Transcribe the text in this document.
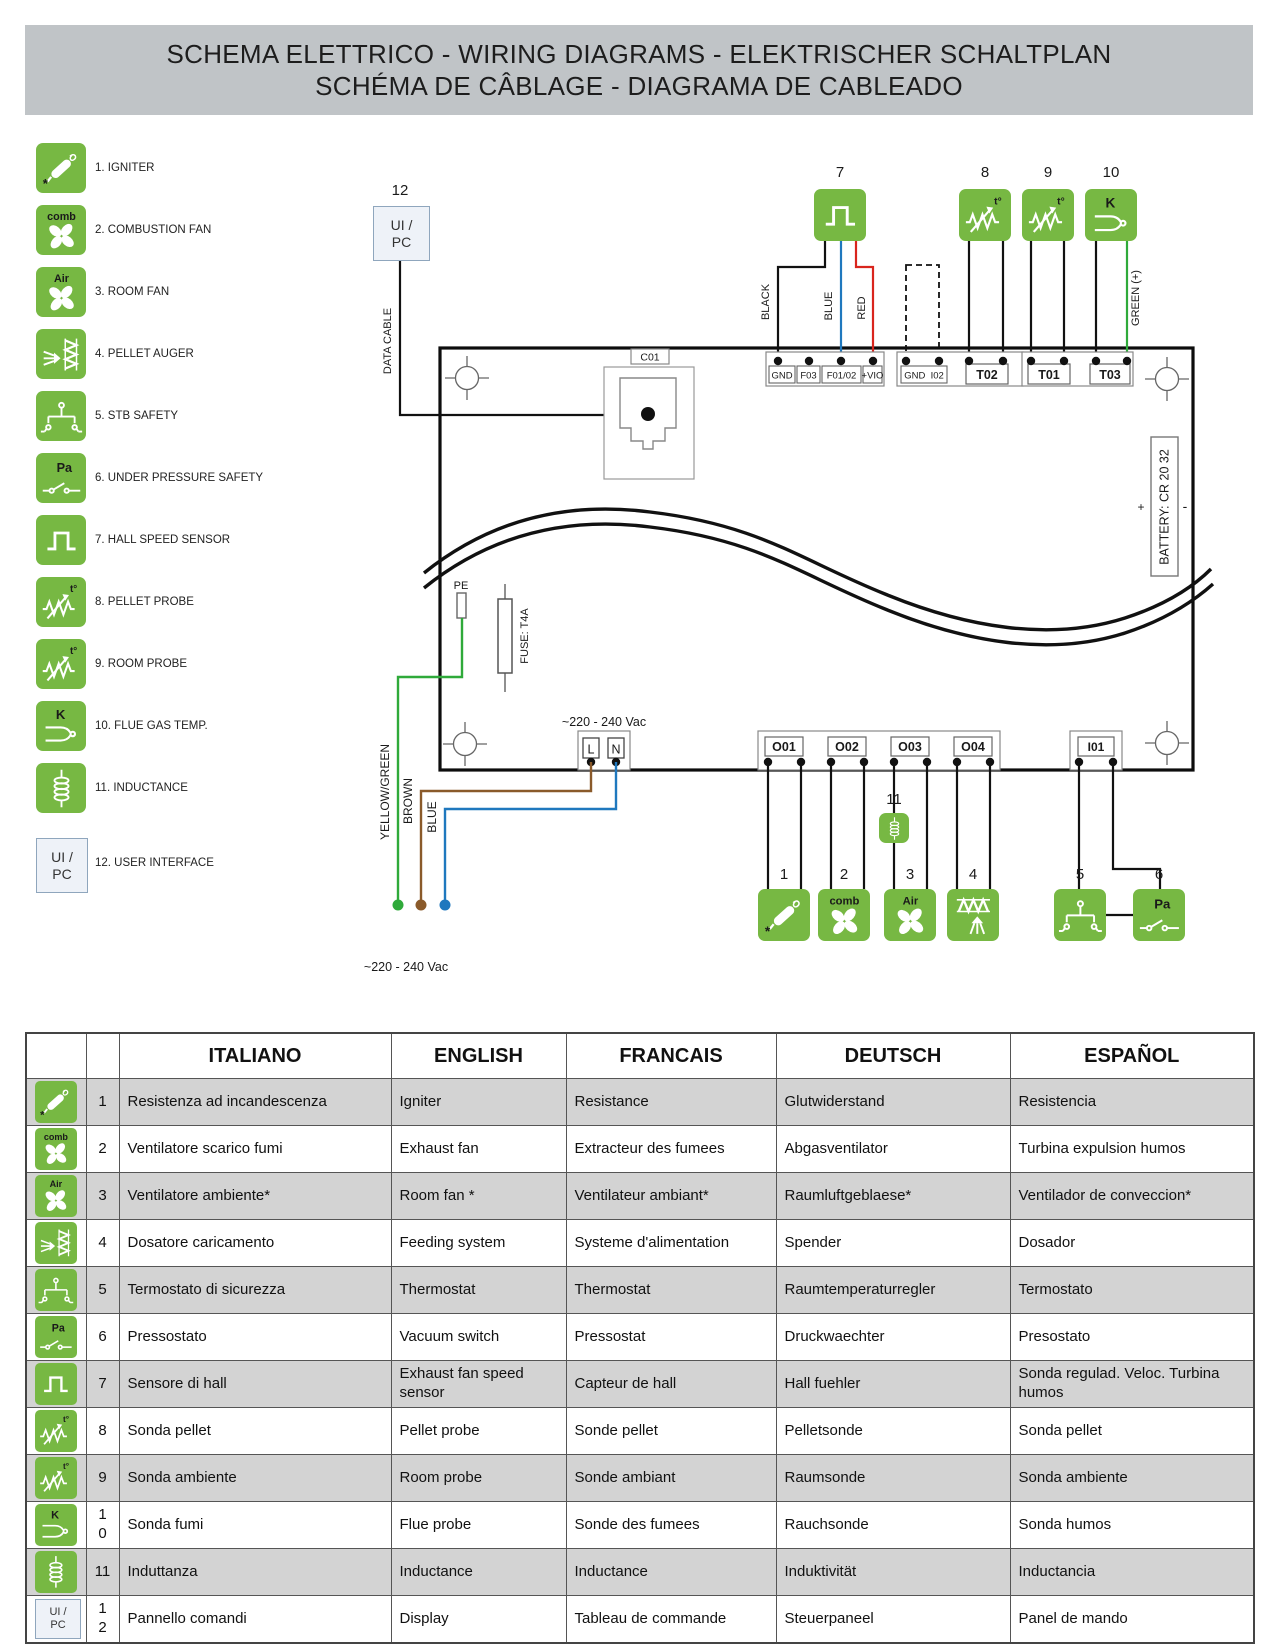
SCHEMA ELETTRICO - WIRING DIAGRAMS - ELEKTRISCHER SCHALTPLAN
SCHÉMA DE CÂBLAGE - DIAGRAMA DE CABLEADO
*
1. IGNITER
comb
2. COMBUSTION FAN
Air
3. ROOM FAN
4. PELLET AUGER
5. STB SAFETY
Pa
6. UNDER PRESSURE SAFETY
7. HALL SPEED SENSOR
t°
8. PELLET PROBE
t°
9. ROOM PROBE
K
10. FLUE GAS TEMP.
11. INDUCTANCE
UI /
PC
12. USER INTERFACE
DATA CABLE	C01
BLACK	BLUE RED	GREEN (+)
GND F03 F01/02 +VIO GND  I02	T02	T01	T03
BATTERY: CR 20 32
+	-
PE
YELLOW/GREEN
FUSE: T4A
~220 - 240 Vac
L N
BROWN BLUE
~220 - 240 Vac
O01	O02	O03	O04	I01
12
UI /
PC
7	8
t°
9
t°
10
K
1
*
2
comb
3
Air
4	5	6
Pa
11
		ITALIANO	ENGLISH	FRANCAIS	DEUTSCH	ESPAÑOL

*	1	Resistenza ad incandescenza	Igniter	Resistance	Glutwiderstand	Resistencia

comb	2	Ventilatore scarico fumi	Exhaust fan	Extracteur des fumees	Abgasventilator	Turbina expulsion humos

Air	3	Ventilatore ambiente*	Room fan *	Ventilateur ambiant*	Raumluftgeblaese*	Ventilador de conveccion*

	4	Dosatore caricamento	Feeding system	Systeme d'alimentation	Spender	Dosador

	5	Termostato di sicurezza	Thermostat	Thermostat	Raumtemperaturregler	Termostato

Pa	6	Pressostato	Vacuum switch	Pressostat	Druckwaechter	Presostato

	7	Sensore di hall	Exhaust fan speed sensor	Capteur de hall	Hall fuehler	Sonda regulad. Veloc. Turbina humos

t°	8	Sonda pellet	Pellet probe	Sonde pellet	Pelletsonde	Sonda pellet

t°	9	Sonda ambiente	Room probe	Sonde ambiant	Raumsonde	Sonda ambiente

K	10	Sonda fumi	Flue probe	Sonde des fumees	Rauchsonde	Sonda humos

	11	Induttanza	Inductance	Inductance	Induktivität	Inductancia

UI /
PC	12	Pannello comandi	Display	Tableau de commande	Steuerpaneel	Panel de mando
